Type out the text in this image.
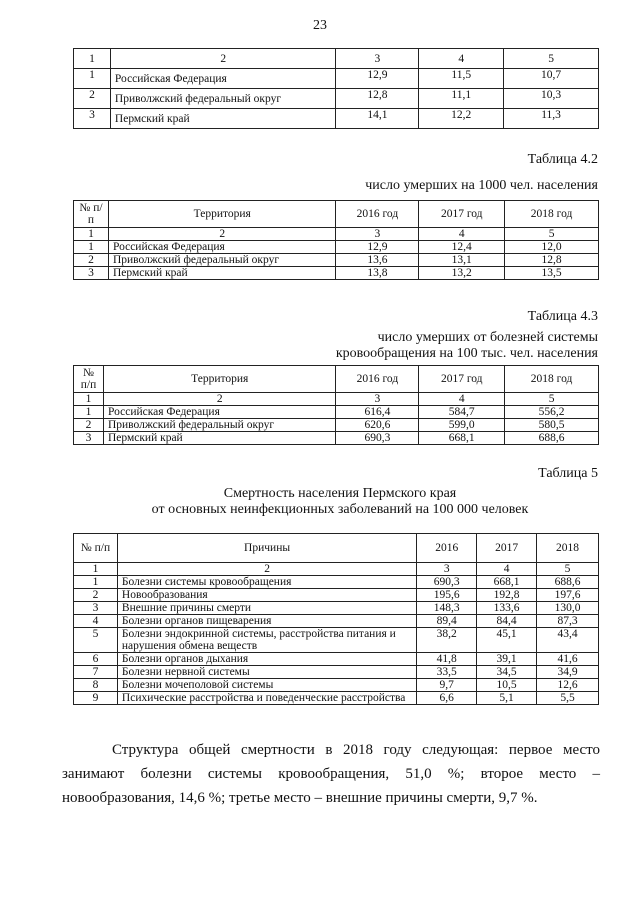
23
1	2	3	4	5
1	Российская Федерация	12,9	11,5	10,7
2	Приволжский федеральный округ	12,8	11,1	10,3
3	Пермский край	14,1	12,2	11,3
Таблица 4.2
число умерших на 1000 чел. населения
№ п/п	Территория	2016 год	2017 год	2018 год
1	2	3	4	5
1	Российская Федерация	12,9	12,4	12,0
2	Приволжский федеральный округ	13,6	13,1	12,8
3	Пермский край	13,8	13,2	13,5
Таблица 4.3
число умерших от болезней системы
кровообращения на 100 тыс. чел. населения
№ п/п	Территория	2016 год	2017 год	2018 год
1	2	3	4	5
1	Российская Федерация	616,4	584,7	556,2
2	Приволжский федеральный округ	620,6	599,0	580,5
3	Пермский край	690,3	668,1	688,6
Таблица 5
Смертность населения Пермского края
от основных неинфекционных заболеваний на 100 000 человек
№ п/п	Причины	2016	2017	2018
1	2	3	4	5
1	Болезни системы кровообращения	690,3	668,1	688,6
2	Новообразования	195,6	192,8	197,6
3	Внешние причины смерти	148,3	133,6	130,0
4	Болезни органов пищеварения	89,4	84,4	87,3
5	Болезни эндокринной системы, расстройства питания и нарушения обмена веществ	38,2	45,1	43,4
6	Болезни органов дыхания	41,8	39,1	41,6
7	Болезни нервной системы	33,5	34,5	34,9
8	Болезни мочеполовой системы	9,7	10,5	12,6
9	Психические расстройства и поведенческие расстройства	6,6	5,1	5,5
Структура общей смертности в 2018 году следующая: первое место занимают болезни системы кровообращения, 51,0 %; второе место – новообразования, 14,6 %; третье место – внешние причины смерти, 9,7 %.
